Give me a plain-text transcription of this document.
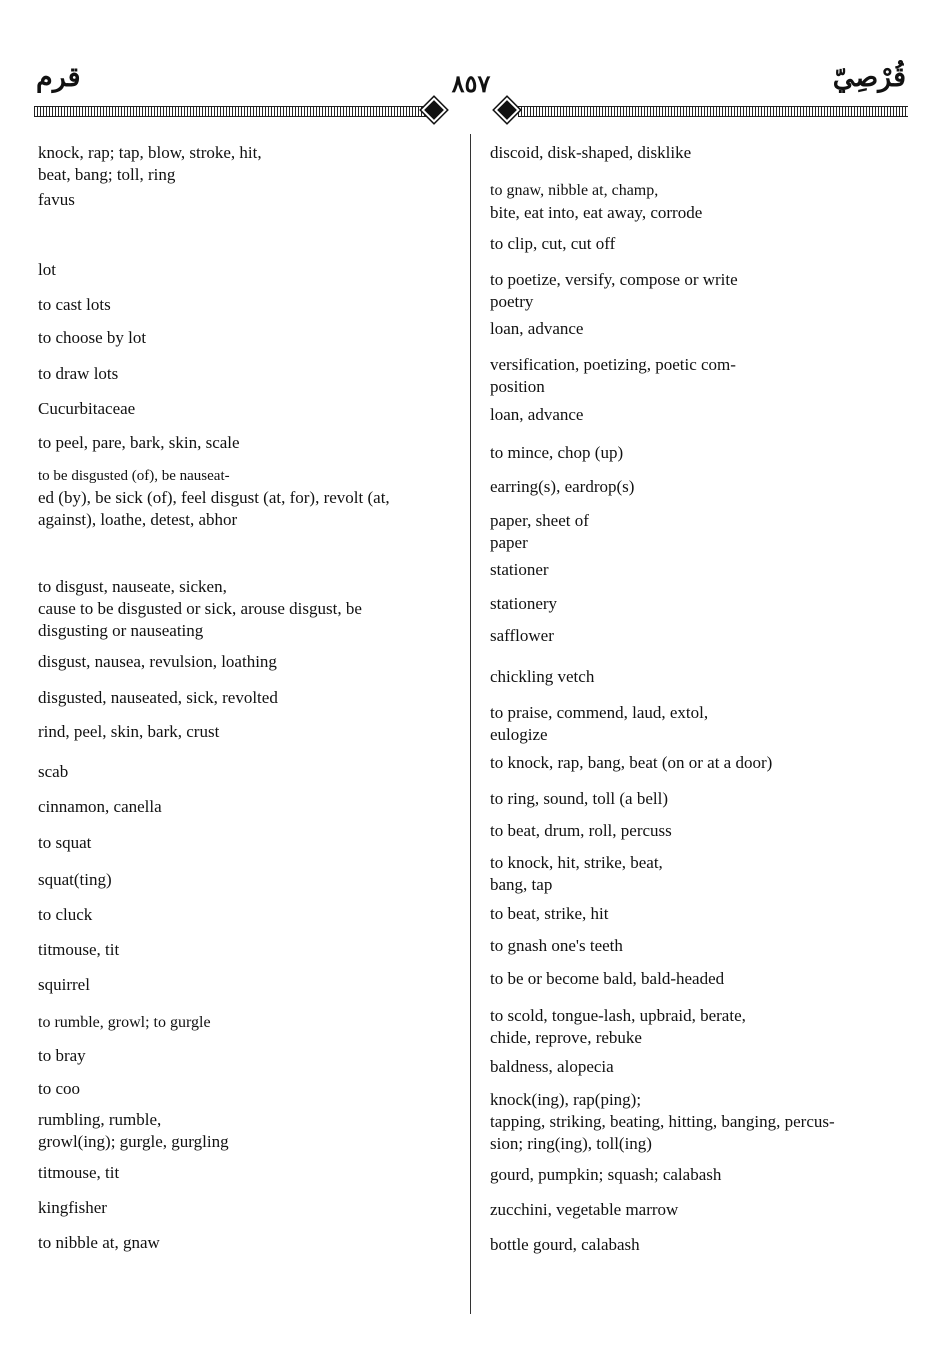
قُرْصِيّ
قرم	٨٥٧
discoid, disk-shaped, disklike
to gnaw, nibble at, champ,
bite, eat into, eat away, corrode
to clip, cut, cut off
to poetize, versify, compose or write
poetry
loan, advance
versification, poetizing, poetic com-
position
loan, advance
to mince, chop (up)
earring(s), eardrop(s)
paper, sheet of
paper
stationer
stationery
safflower
chickling vetch
to praise, commend, laud, extol,
eulogize
to knock, rap, bang, beat (on or at a door)
to ring, sound, toll (a bell)
to beat, drum, roll, percuss
to knock, hit, strike, beat,
bang, tap
to beat, strike, hit
to gnash one's teeth
to be or become bald, bald-headed
to scold, tongue-lash, upbraid, berate,
chide, reprove, rebuke
baldness, alopecia
knock(ing), rap(ping);
tapping, striking, beating, hitting, banging, percus-
sion; ring(ing), toll(ing)
gourd, pumpkin; squash; calabash
zucchini, vegetable marrow
bottle gourd, calabash
knock, rap; tap, blow, stroke, hit,
beat, bang; toll, ring
favus
lot
to cast lots
to choose by lot
to draw lots
Cucurbitaceae
to peel, pare, bark, skin, scale
to be disgusted (of), be nauseat-
ed (by), be sick (of), feel disgust (at, for), revolt (at,
against), loathe, detest, abhor
to disgust, nauseate, sicken,
cause to be disgusted or sick, arouse disgust, be
disgusting or nauseating
disgust, nausea, revulsion, loathing
disgusted, nauseated, sick, revolted
rind, peel, skin, bark, crust
scab
cinnamon, canella
to squat
squat(ting)
to cluck
titmouse, tit
squirrel
to rumble, growl; to gurgle
to bray
to coo
rumbling, rumble,
growl(ing); gurgle, gurgling
titmouse, tit
kingfisher
to nibble at, gnaw
